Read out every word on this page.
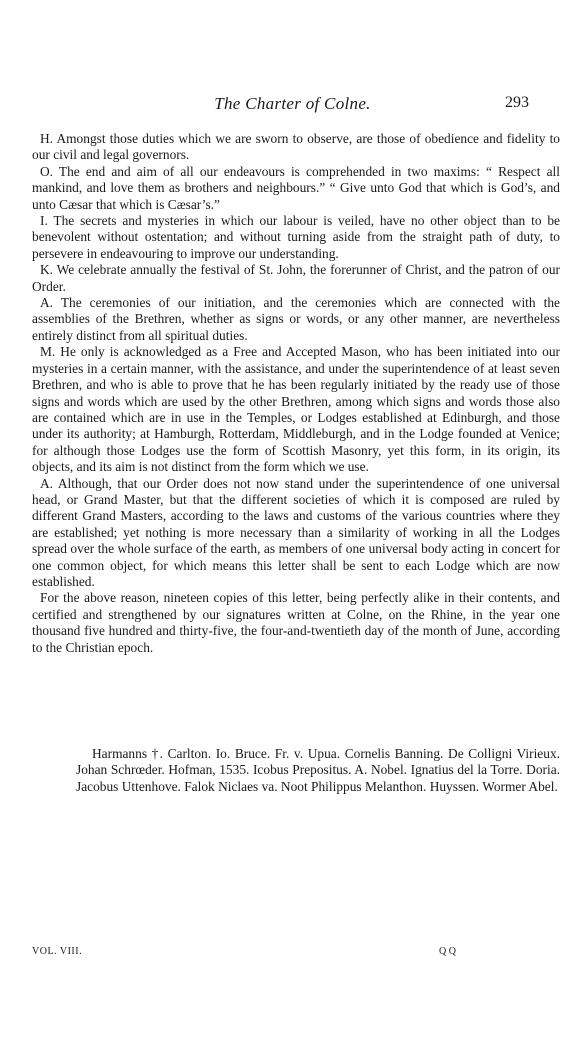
The Charter of Colne.	293

H. Amongst those duties which we are sworn to observe, are those of obedience and fidelity to our civil and legal governors.

O. The end and aim of all our endeavours is comprehended in two maxims: “ Respect all mankind, and love them as brothers and neighbours.” “ Give unto God that which is God’s, and unto Cæsar that which is Cæsar’s.”

I. The secrets and mysteries in which our labour is veiled, have no other object than to be benevolent without ostentation; and without turning aside from the straight path of duty, to persevere in endeavouring to improve our understanding.

K. We celebrate annually the festival of St. John, the forerunner of Christ, and the patron of our Order.

A. The ceremonies of our initiation, and the ceremonies which are connected with the assemblies of the Brethren, whether as signs or words, or any other manner, are nevertheless entirely distinct from all spiritual duties.

M. He only is acknowledged as a Free and Accepted Mason, who has been initiated into our mysteries in a certain manner, with the assistance, and under the superintendence of at least seven Brethren, and who is able to prove that he has been regularly initiated by the ready use of those signs and words which are used by the other Brethren, among which signs and words those also are contained which are in use in the Temples, or Lodges established at Edinburgh, and those under its authority; at Hamburgh, Rotterdam, Middleburgh, and in the Lodge founded at Venice; for although those Lodges use the form of Scottish Masonry, yet this form, in its origin, its objects, and its aim is not distinct from the form which we use.

A. Although, that our Order does not now stand under the superintendence of one universal head, or Grand Master, but that the different societies of which it is composed are ruled by different Grand Masters, according to the laws and customs of the various countries where they are established; yet nothing is more necessary than a similarity of working in all the Lodges spread over the whole surface of the earth, as members of one universal body acting in concert for one common object, for which means this letter shall be sent to each Lodge which are now established.

For the above reason, nineteen copies of this letter, being perfectly alike in their contents, and certified and strengthened by our signatures written at Colne, on the Rhine, in the year one thousand five hundred and thirty-five, the four-and-twentieth day of the month of June, according to the Christian epoch.

Harmanns †. Carlton. Io. Bruce. Fr. v. Upua. Cornelis Banning. De Colligni Virieux. Johan Schrœder. Hofman, 1535. Icobus Prepositus. A. Nobel. Ignatius del la Torre. Doria. Jacobus Uttenhove. Falok Niclaes va. Noot Philippus Melanthon. Huyssen. Wormer Abel.

VOL. VIII.	Q Q
